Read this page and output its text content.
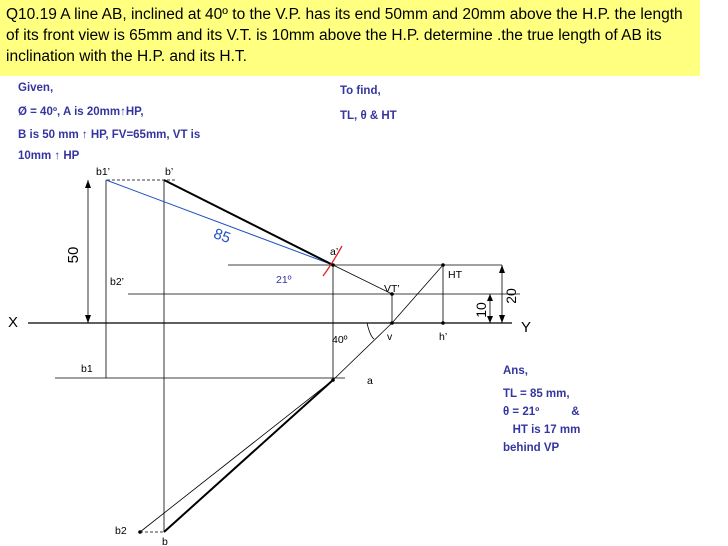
Q10.19 A line AB, inclined at 40º to the V.P. has its end 50mm and 20mm above the H.P. the length of its front view is 65mm and its V.T. is 10mm above the H.P. determine .the true length of AB its inclination with the H.P. and its H.T.

Given,

Ø = 40º, A is 20mm↑HP,

B is 50 mm ↑ HP, FV=65mm, VT is

10mm ↑ HP

To find,

TL, θ & HT

Ans,

TL = 85 mm,

θ = 21º          &

HT is 17 mm

behind VP

50
20
10
X	Y
b1’	b’
a’
b2’
VT’
HT
v	h’
40º
21º
a
b1
b2
b
85
